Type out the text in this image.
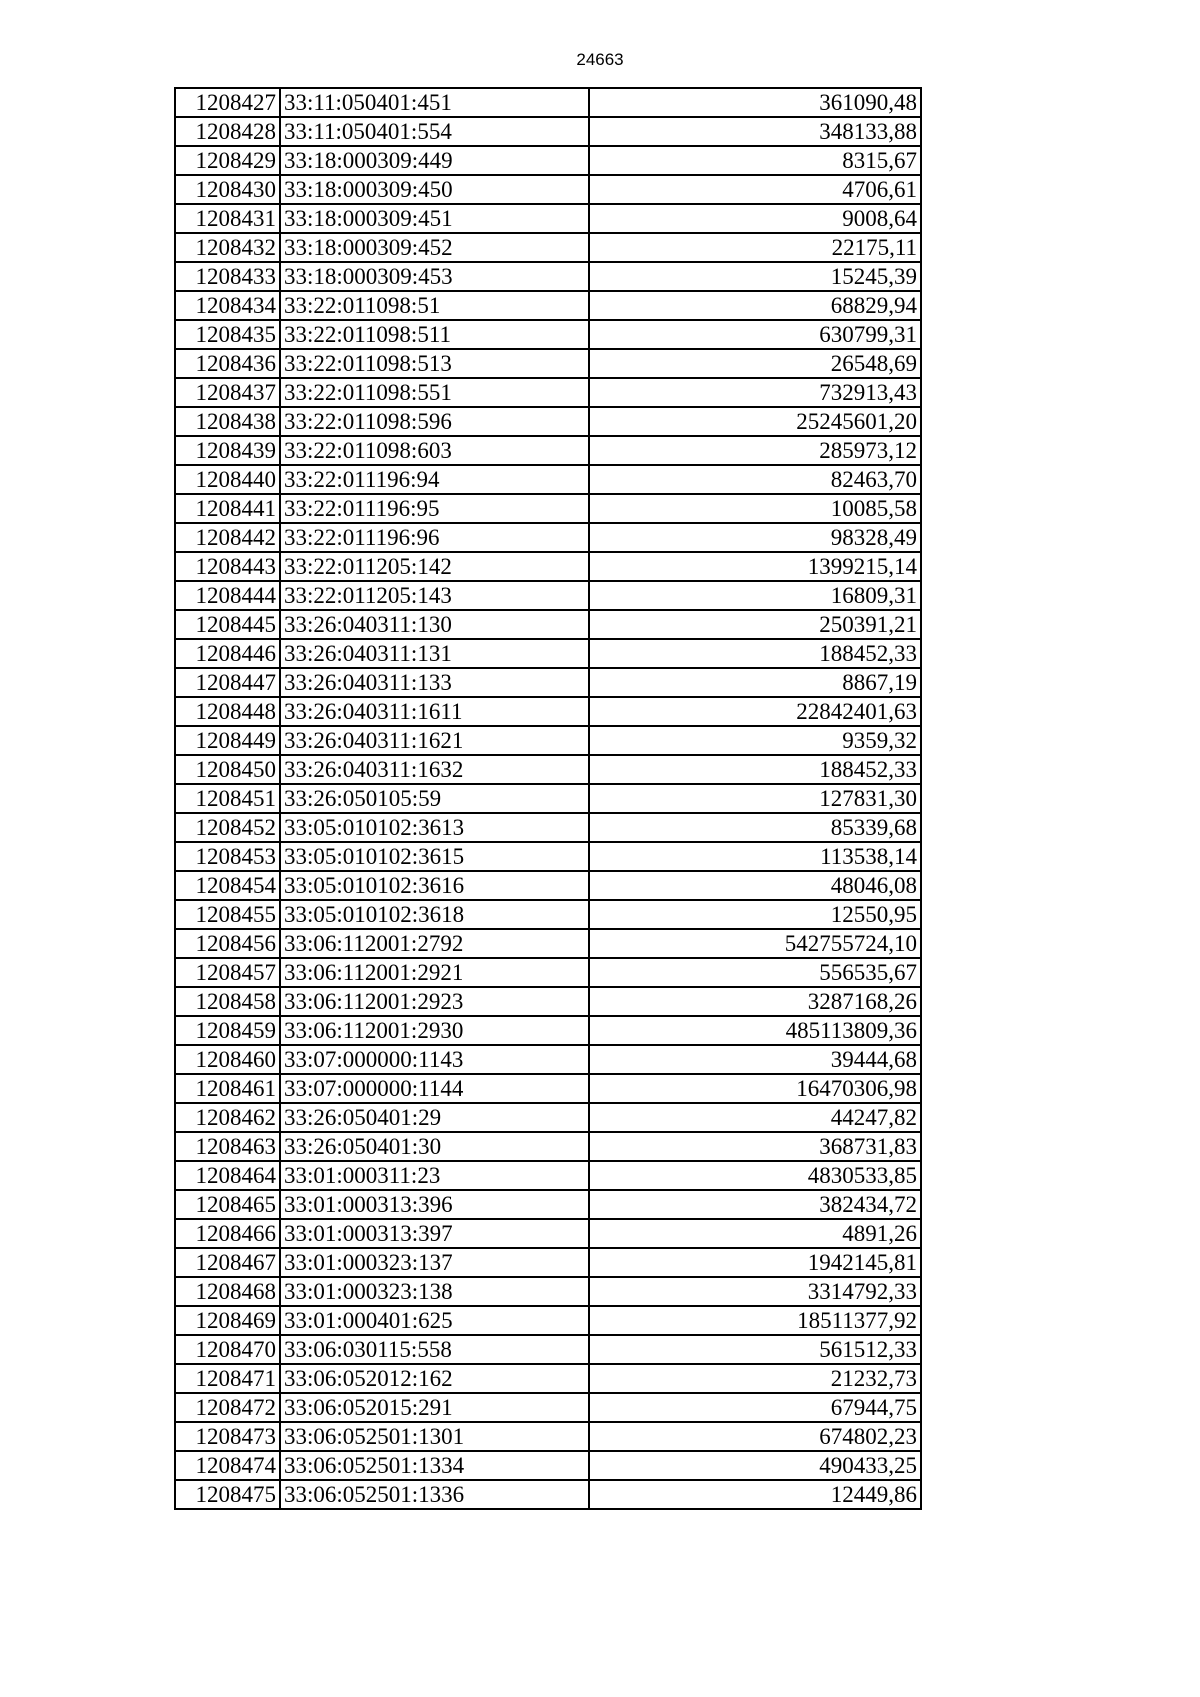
24663
1208427	33:11:050401:451	361090,48
1208428	33:11:050401:554	348133,88
1208429	33:18:000309:449	8315,67
1208430	33:18:000309:450	4706,61
1208431	33:18:000309:451	9008,64
1208432	33:18:000309:452	22175,11
1208433	33:18:000309:453	15245,39
1208434	33:22:011098:51	68829,94
1208435	33:22:011098:511	630799,31
1208436	33:22:011098:513	26548,69
1208437	33:22:011098:551	732913,43
1208438	33:22:011098:596	25245601,20
1208439	33:22:011098:603	285973,12
1208440	33:22:011196:94	82463,70
1208441	33:22:011196:95	10085,58
1208442	33:22:011196:96	98328,49
1208443	33:22:011205:142	1399215,14
1208444	33:22:011205:143	16809,31
1208445	33:26:040311:130	250391,21
1208446	33:26:040311:131	188452,33
1208447	33:26:040311:133	8867,19
1208448	33:26:040311:1611	22842401,63
1208449	33:26:040311:1621	9359,32
1208450	33:26:040311:1632	188452,33
1208451	33:26:050105:59	127831,30
1208452	33:05:010102:3613	85339,68
1208453	33:05:010102:3615	113538,14
1208454	33:05:010102:3616	48046,08
1208455	33:05:010102:3618	12550,95
1208456	33:06:112001:2792	542755724,10
1208457	33:06:112001:2921	556535,67
1208458	33:06:112001:2923	3287168,26
1208459	33:06:112001:2930	485113809,36
1208460	33:07:000000:1143	39444,68
1208461	33:07:000000:1144	16470306,98
1208462	33:26:050401:29	44247,82
1208463	33:26:050401:30	368731,83
1208464	33:01:000311:23	4830533,85
1208465	33:01:000313:396	382434,72
1208466	33:01:000313:397	4891,26
1208467	33:01:000323:137	1942145,81
1208468	33:01:000323:138	3314792,33
1208469	33:01:000401:625	18511377,92
1208470	33:06:030115:558	561512,33
1208471	33:06:052012:162	21232,73
1208472	33:06:052015:291	67944,75
1208473	33:06:052501:1301	674802,23
1208474	33:06:052501:1334	490433,25
1208475	33:06:052501:1336	12449,86
